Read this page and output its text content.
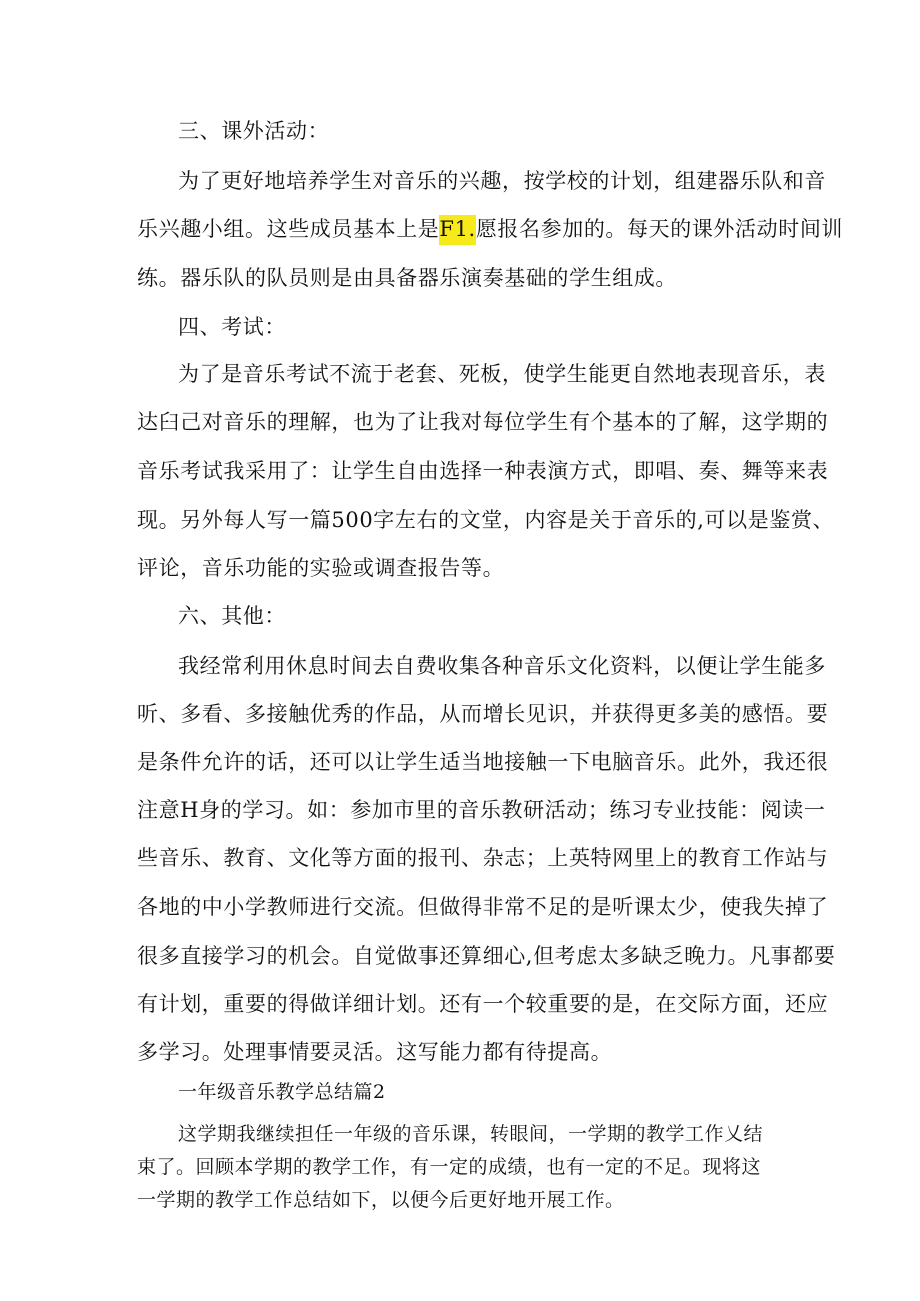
三、课外活动：
为了更好地培养学生对音乐的兴趣，按学校的计划，组建器乐队和音
乐兴趣小组。这些成员基本上是F1.愿报名参加的。每天的课外活动时间训
练。器乐队的队员则是由具备器乐演奏基础的学生组成。
四、考试：
为了是音乐考试不流于老套、死板，使学生能更自然地表现音乐，表
达臼己对音乐的理解，也为了让我对每位学生有个基本的了解，这学期的
音乐考试我采用了：让学生自由选择一种表演方式，即唱、奏、舞等来表
现。另外每人写一篇500字左右的文堂，内容是关于音乐的,可以是鉴赏、
评论，音乐功能的实验或调查报告等。
六、其他：
我经常利用休息时间去自费收集各种音乐文化资料，以便让学生能多
听、多看、多接触优秀的作品，从而增长见识，并获得更多美的感悟。要
是条件允许的话，还可以让学生适当地接触一下电脑音乐。此外，我还很
注意H身的学习。如：参加市里的音乐教研活动；练习专业技能：阅读一
些音乐、教育、文化等方面的报刊、杂志；上英特网里上的教育工作站与
各地的中小学教师进行交流。但做得非常不足的是听课太少，使我失掉了
很多直接学习的机会。自觉做事还算细心,但考虑太多缺乏晚力。凡事都要
有计划，重要的得做详细计划。还有一个较重要的是，在交际方面，还应
多学习。处理事情要灵活。这写能力都有待提高。
一年级音乐教学总结篇2
这学期我继续担任一年级的音乐课，转眼间，一学期的教学工作乂结
束了。回顾本学期的教学工作，有一定的成绩，也有一定的不足。现将这
一学期的教学工作总结如下，以便今后更好地开展工作。
